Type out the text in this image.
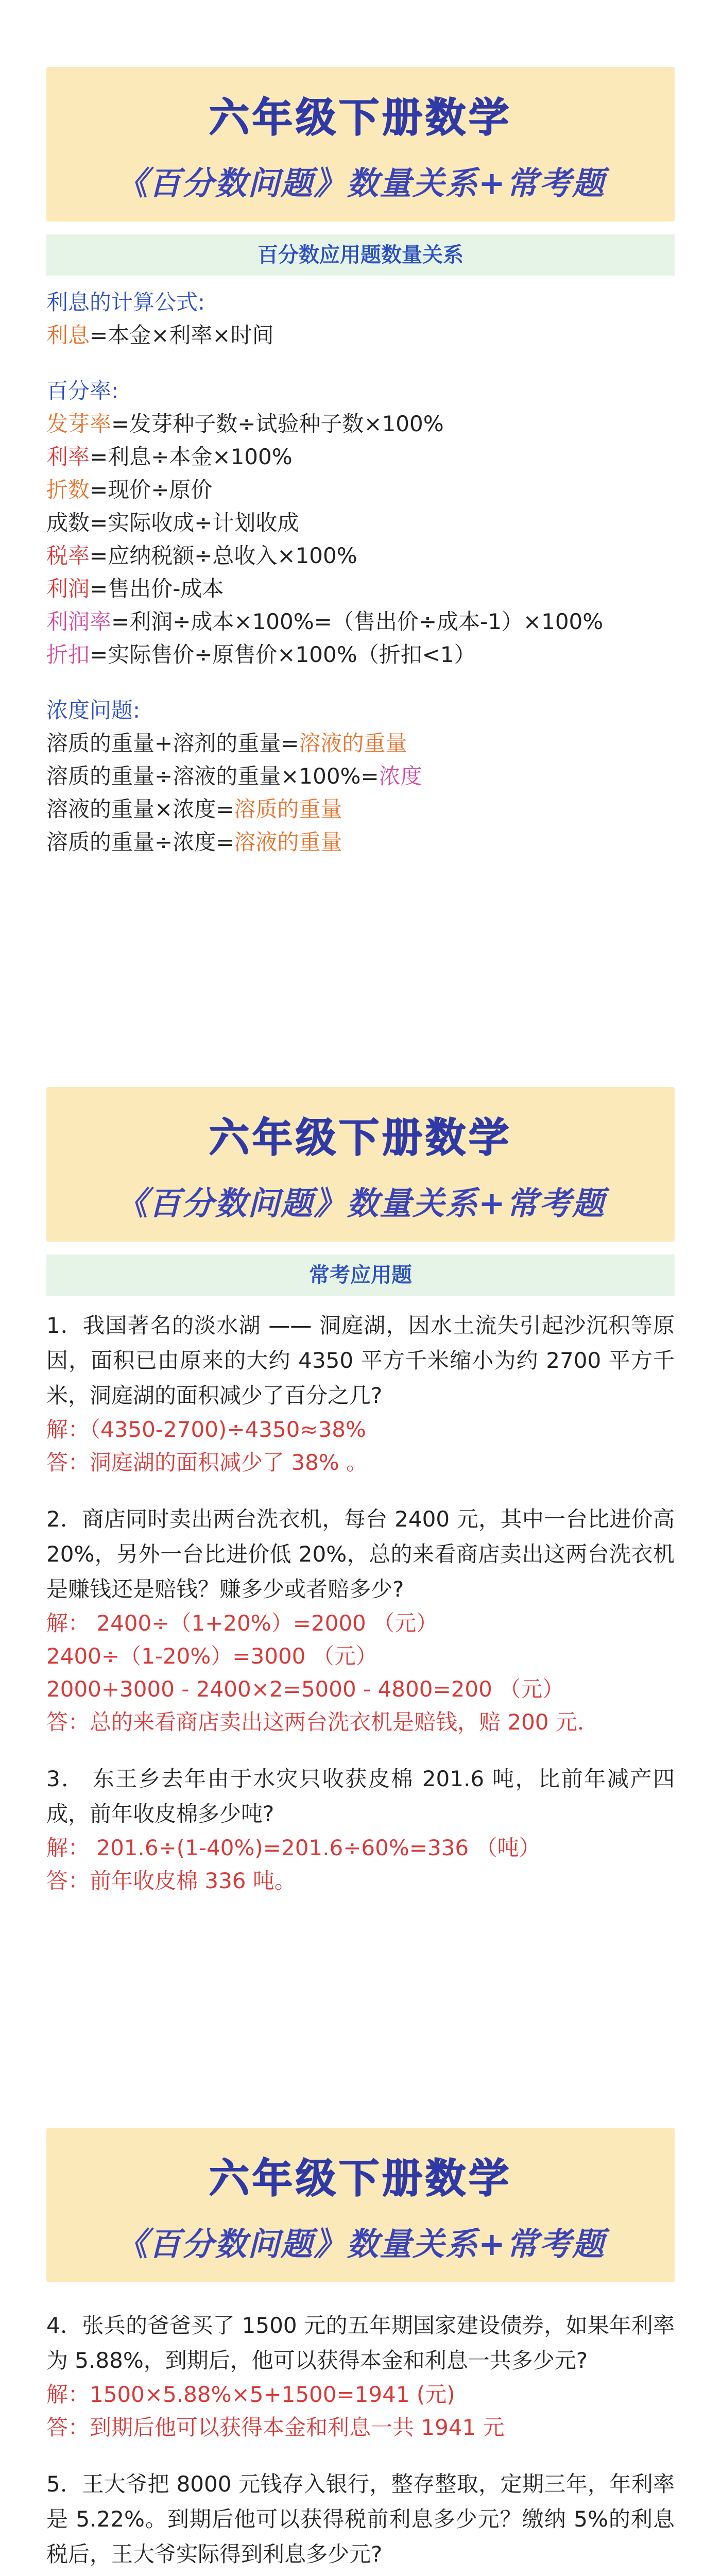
六年级下册数学
《百分数问题》数量关系+常考题
百分数应用题数量关系
利息的计算公式:
利息=本金×利率×时间
百分率:
发芽率=发芽种子数÷试验种子数×100%
利率=利息÷本金×100%
折数=现价÷原价
成数=实际收成÷计划收成
税率=应纳税额÷总收入×100%
利润=售出价-成本
利润率=利润÷成本×100%=（售出价÷成本-1）×100%
折扣=实际售价÷原售价×100%（折扣<1）
浓度问题:
溶质的重量+溶剂的重量=溶液的重量
溶质的重量÷溶液的重量×100%=浓度
溶液的重量×浓度=溶质的重量
溶质的重量÷浓度=溶液的重量
六年级下册数学
《百分数问题》数量关系+常考题
常考应用题
1．我国著名的淡水湖 —— 洞庭湖，因水土流失引起沙沉积等原因，面积已由原来的大约 4350 平方千米缩小为约 2700 平方千米，洞庭湖的面积减少了百分之几?
解：（4350-2700)÷4350≈38%
答：洞庭湖的面积减少了 38% 。
2．商店同时卖出两台洗衣机，每台 2400 元，其中一台比进价高 20%，另外一台比进价低 20%，总的来看商店卖出这两台洗衣机是赚钱还是赔钱？赚多少或者赔多少?
解： 2400÷（1+20%）=2000 （元）
2400÷（1-20%）=3000 （元）
2000+3000 - 2400×2=5000 - 4800=200 （元）
答：总的来看商店卖出这两台洗衣机是赔钱，赔 200 元．
3． 东王乡去年由于水灾只收获皮棉 201.6 吨，比前年减产四成，前年收皮棉多少吨?
解： 201.6÷(1-40%)=201.6÷60%=336 （吨）
答：前年收皮棉 336 吨。
六年级下册数学
《百分数问题》数量关系+常考题
4．张兵的爸爸买了 1500 元的五年期国家建设债券，如果年利率为 5.88%，到期后，他可以获得本金和利息一共多少元?
解：1500×5.88%×5+1500=1941 (元)
答：到期后他可以获得本金和利息一共 1941 元
5．王大爷把 8000 元钱存入银行，整存整取，定期三年，年利率是 5.22%。到期后他可以获得税前利息多少元？缴纳 5%的利息税后，王大爷实际得到利息多少元?
